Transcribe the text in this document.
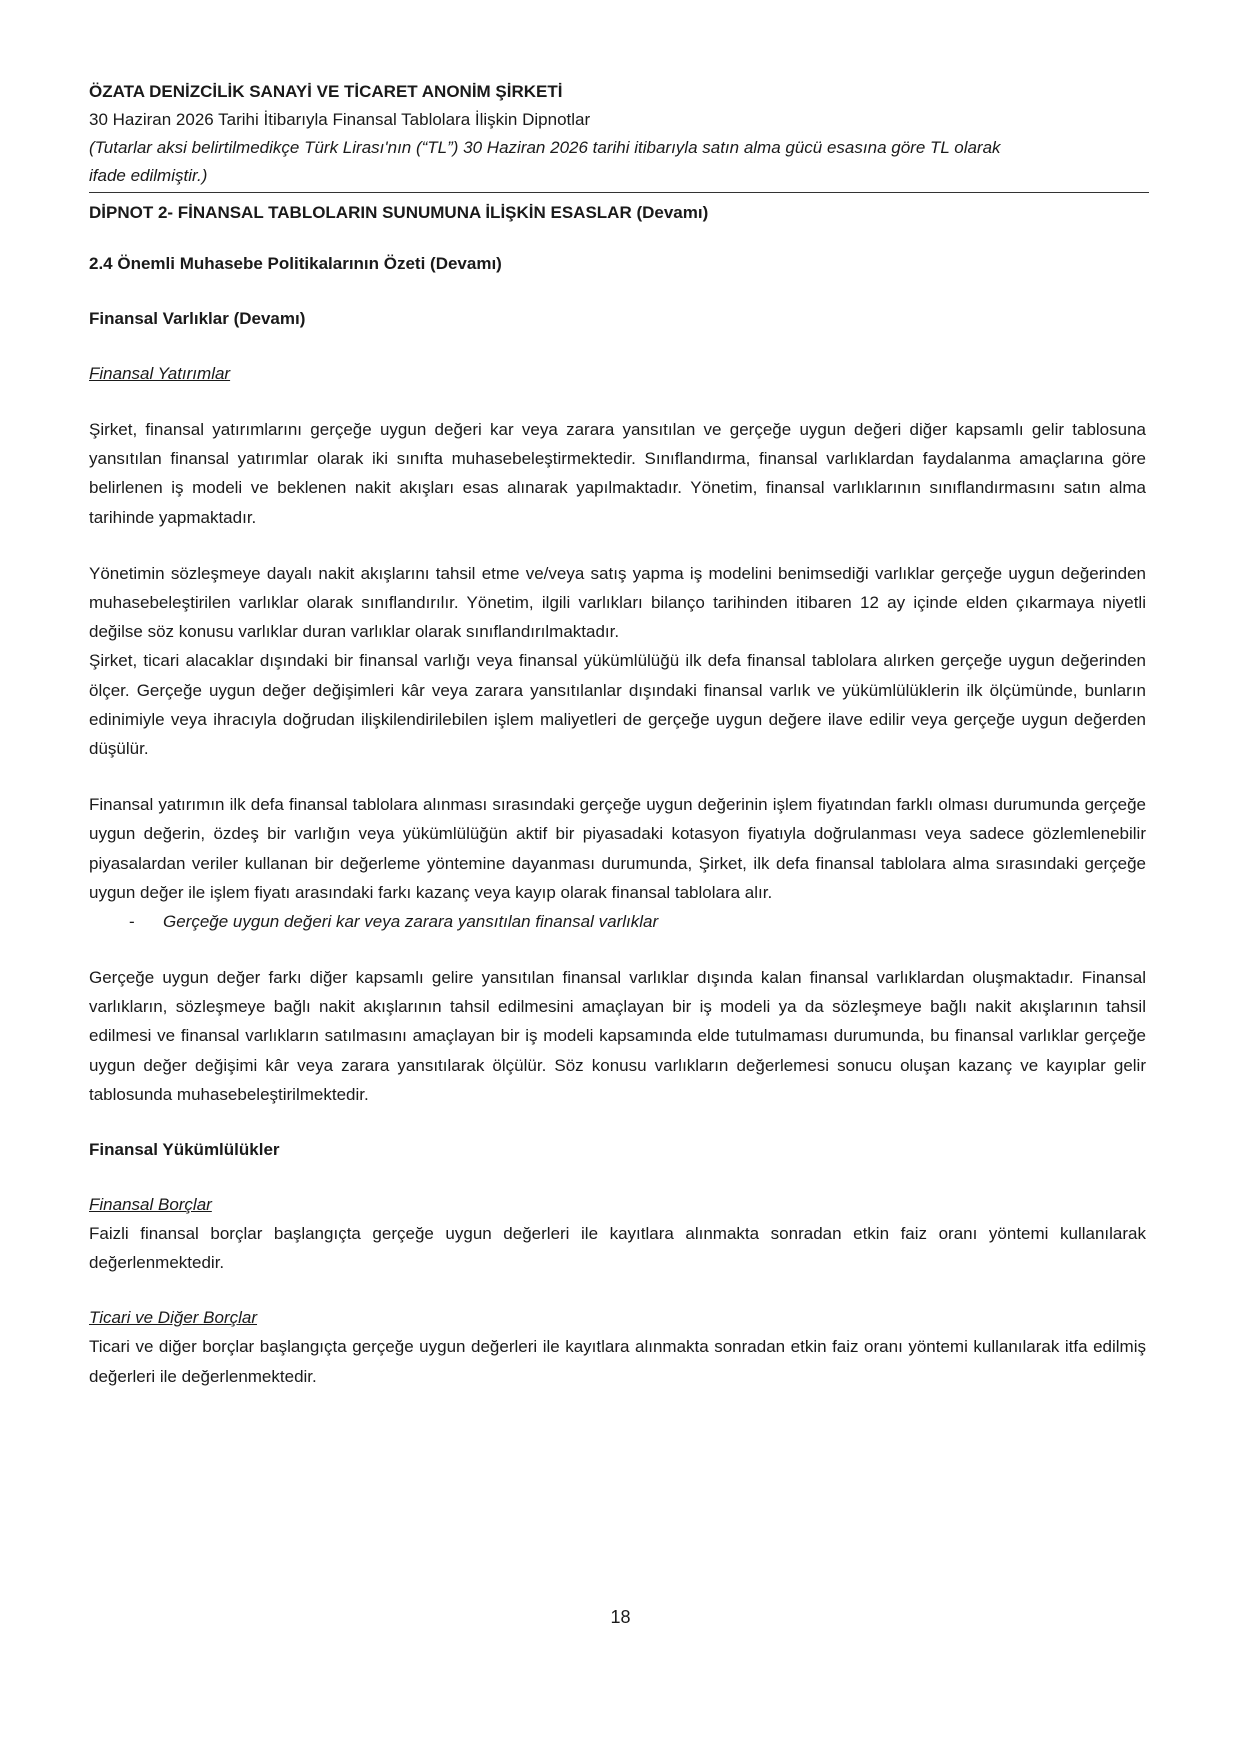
ÖZATA DENİZCİLİK SANAYİ VE TİCARET ANONİM ŞİRKETİ

30 Haziran 2026 Tarihi İtibarıyla Finansal Tablolara İlişkin Dipnotlar

(Tutarlar aksi belirtilmedikçe Türk Lirası'nın (“TL”) 30 Haziran 2026 tarihi itibarıyla satın alma gücü esasına göre TL olarak

ifade edilmiştir.)

DİPNOT 2- FİNANSAL TABLOLARIN SUNUMUNA İLİŞKİN ESASLAR (Devamı)

2.4 Önemli Muhasebe Politikalarının Özeti (Devamı)

Finansal Varlıklar (Devamı)

Finansal Yatırımlar

Şirket, finansal yatırımlarını gerçeğe uygun değeri kar veya zarara yansıtılan ve gerçeğe uygun değeri diğer kapsamlı gelir tablosuna yansıtılan finansal yatırımlar olarak iki sınıfta muhasebeleştirmektedir. Sınıflandırma, finansal varlıklardan faydalanma amaçlarına göre belirlenen iş modeli ve beklenen nakit akışları esas alınarak yapılmaktadır. Yönetim, finansal varlıklarının sınıflandırmasını satın alma tarihinde yapmaktadır.

Yönetimin sözleşmeye dayalı nakit akışlarını tahsil etme ve/veya satış yapma iş modelini benimsediği varlıklar gerçeğe uygun değerinden muhasebeleştirilen varlıklar olarak sınıflandırılır. Yönetim, ilgili varlıkları bilanço tarihinden itibaren 12 ay içinde elden çıkarmaya niyetli değilse söz konusu varlıklar duran varlıklar olarak sınıflandırılmaktadır.

Şirket, ticari alacaklar dışındaki bir finansal varlığı veya finansal yükümlülüğü ilk defa finansal tablolara alırken gerçeğe uygun değerinden ölçer. Gerçeğe uygun değer değişimleri kâr veya zarara yansıtılanlar dışındaki finansal varlık ve yükümlülüklerin ilk ölçümünde, bunların edinimiyle veya ihracıyla doğrudan ilişkilendirilebilen işlem maliyetleri de gerçeğe uygun değere ilave edilir veya gerçeğe uygun değerden düşülür.

Finansal yatırımın ilk defa finansal tablolara alınması sırasındaki gerçeğe uygun değerinin işlem fiyatından farklı olması durumunda gerçeğe uygun değerin, özdeş bir varlığın veya yükümlülüğün aktif bir piyasadaki kotasyon fiyatıyla doğrulanması veya sadece gözlemlenebilir piyasalardan veriler kullanan bir değerleme yöntemine dayanması durumunda, Şirket, ilk defa finansal tablolara alma sırasındaki gerçeğe uygun değer ile işlem fiyatı arasındaki farkı kazanç veya kayıp olarak finansal tablolara alır.

- Gerçeğe uygun değeri kar veya zarara yansıtılan finansal varlıklar

Gerçeğe uygun değer farkı diğer kapsamlı gelire yansıtılan finansal varlıklar dışında kalan finansal varlıklardan oluşmaktadır. Finansal varlıkların, sözleşmeye bağlı nakit akışlarının tahsil edilmesini amaçlayan bir iş modeli ya da sözleşmeye bağlı nakit akışlarının tahsil edilmesi ve finansal varlıkların satılmasını amaçlayan bir iş modeli kapsamında elde tutulmaması durumunda, bu finansal varlıklar gerçeğe uygun değer değişimi kâr veya zarara yansıtılarak ölçülür. Söz konusu varlıkların değerlemesi sonucu oluşan kazanç ve kayıplar gelir tablosunda muhasebeleştirilmektedir.

Finansal Yükümlülükler

Finansal Borçlar

Faizli finansal borçlar başlangıçta gerçeğe uygun değerleri ile kayıtlara alınmakta sonradan etkin faiz oranı yöntemi kullanılarak değerlenmektedir.

Ticari ve Diğer Borçlar

Ticari ve diğer borçlar başlangıçta gerçeğe uygun değerleri ile kayıtlara alınmakta sonradan etkin faiz oranı yöntemi kullanılarak itfa edilmiş değerleri ile değerlenmektedir.

18
